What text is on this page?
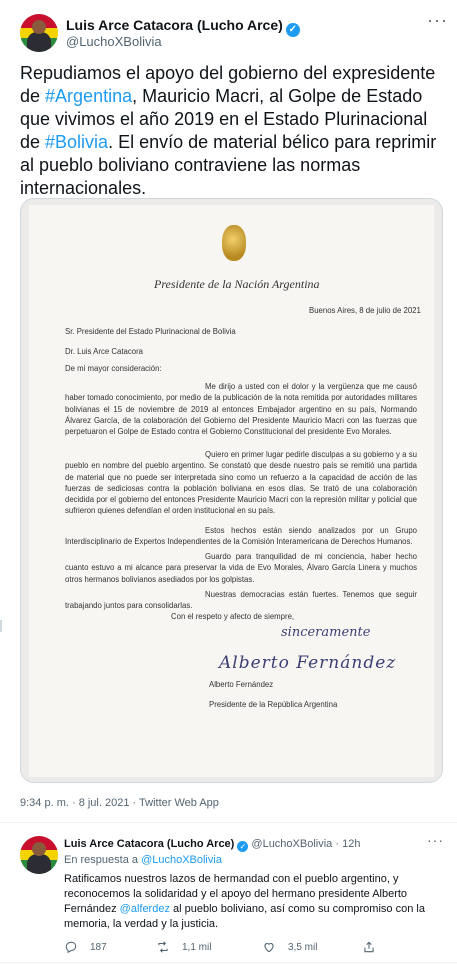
Luis Arce Catacora (Lucho Arce) ✓
@LuchoXBolivia
···
Repudiamos el apoyo del gobierno del expresidente de #Argentina, Mauricio Macri, al Golpe de Estado que vivimos el año 2019 en el Estado Plurinacional de #Bolivia. El envío de material bélico para reprimir al pueblo boliviano contraviene las normas internacionales.
Presidente de la Nación Argentina
Buenos Aires, 8 de julio de 2021
Sr. Presidente del Estado Plurinacional de Bolivia
Dr. Luis Arce Catacora
De mi mayor consideración:
Me dirijo a usted con el dolor y la vergüenza que me causó haber tomado conocimiento, por medio de la publicación de la nota remitida por autoridades militares bolivianas el 15 de noviembre de 2019 al entonces Embajador argentino en su país, Normando Álvarez García, de la colaboración del Gobierno del Presidente Mauricio Macri con las fuerzas que perpetuaron el Golpe de Estado contra el Gobierno Constitucional del presidente Evo Morales.
Quiero en primer lugar pedirle disculpas a su gobierno y a su pueblo en nombre del pueblo argentino. Se constató que desde nuestro país se remitió una partida de material que no puede ser interpretada sino como un refuerzo a la capacidad de acción de las fuerzas de sediciosas contra la población boliviana en esos días. Se trató de una colaboración decidida por el gobierno del entonces Presidente Mauricio Macri con la represión militar y policial que sufrieron quienes defendían el orden institucional en su país.
Estos hechos están siendo analizados por un Grupo Interdisciplinario de Expertos Independientes de la Comisión Interamericana de Derechos Humanos.
Guardo para tranquilidad de mi conciencia, haber hecho cuanto estuvo a mi alcance para preservar la vida de Evo Morales, Álvaro García Linera y muchos otros hermanos bolivianos asediados por los golpistas.
Nuestras democracias están fuertes. Tenemos que seguir trabajando juntos para consolidarlas.
Con el respeto y afecto de siempre,
sinceramente
Alberto Fernández
Alberto Fernández
Presidente de la República Argentina
9:34 p. m. · 8 jul. 2021 · Twitter Web App
Luis Arce Catacora (Lucho Arce) ✓ @LuchoXBolivia · 12h	···
En respuesta a @LuchoXBolivia
Ratificamos nuestros lazos de hermandad con el pueblo argentino, y reconocemos la solidaridad y el apoyo del hermano presidente Alberto Fernández @alferdez al pueblo boliviano, así como su compromiso con la memoria, la verdad y la justicia.
187	1,1 mil	3,5 mil
